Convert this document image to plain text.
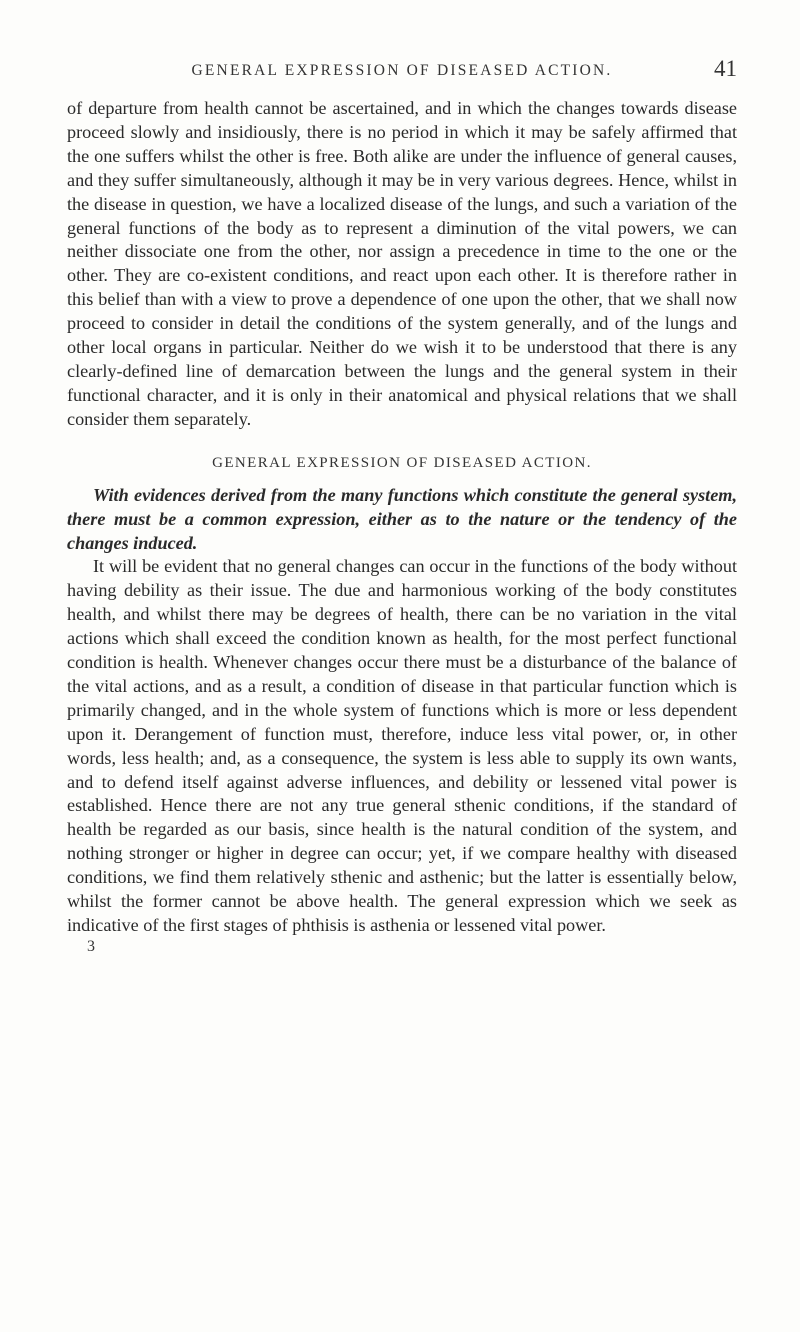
GENERAL EXPRESSION OF DISEASED ACTION.	41

of departure from health cannot be ascertained, and in which the changes towards disease proceed slowly and insidiously, there is no period in which it may be safely affirmed that the one suffers whilst the other is free. Both alike are under the influence of general causes, and they suffer simultaneously, although it may be in very various degrees. Hence, whilst in the disease in question, we have a localized disease of the lungs, and such a variation of the general functions of the body as to represent a diminution of the vital powers, we can neither dissociate one from the other, nor assign a precedence in time to the one or the other. They are co-existent conditions, and react upon each other. It is therefore rather in this belief than with a view to prove a dependence of one upon the other, that we shall now proceed to consider in detail the conditions of the system generally, and of the lungs and other local organs in particular. Neither do we wish it to be understood that there is any clearly-defined line of demarcation between the lungs and the general system in their functional character, and it is only in their anatomical and physical relations that we shall consider them separately.

GENERAL EXPRESSION OF DISEASED ACTION.

With evidences derived from the many functions which constitute the general system, there must be a common expression, either as to the nature or the tendency of the changes induced.

It will be evident that no general changes can occur in the functions of the body without having debility as their issue. The due and harmonious working of the body constitutes health, and whilst there may be degrees of health, there can be no variation in the vital actions which shall exceed the condition known as health, for the most perfect functional condition is health. Whenever changes occur there must be a disturbance of the balance of the vital actions, and as a result, a condition of disease in that particular function which is primarily changed, and in the whole system of functions which is more or less dependent upon it. Derangement of function must, therefore, induce less vital power, or, in other words, less health; and, as a consequence, the system is less able to supply its own wants, and to defend itself against adverse influences, and debility or lessened vital power is established. Hence there are not any true general sthenic conditions, if the standard of health be regarded as our basis, since health is the natural condition of the system, and nothing stronger or higher in degree can occur; yet, if we compare healthy with diseased conditions, we find them relatively sthenic and asthenic; but the latter is essentially below, whilst the former cannot be above health. The general expression which we seek as indicative of the first stages of phthisis is asthenia or lessened vital power.

3
